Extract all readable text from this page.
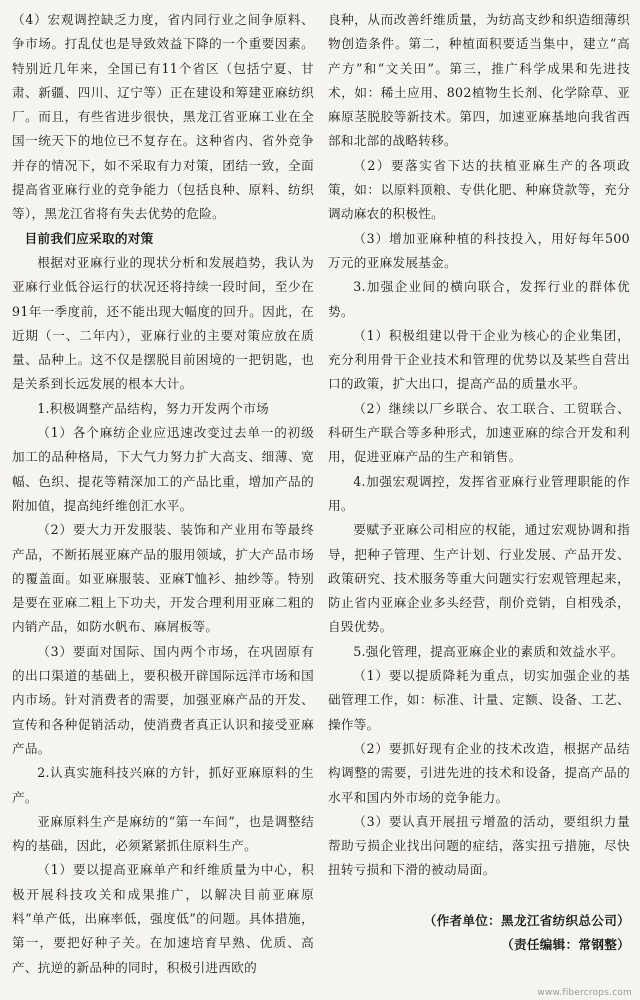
（4）宏观调控缺乏力度，省内同行业之间争原料、争市场。打乱仗也是导致效益下降的一个重要因素。特别近几年来，全国已有11个省区（包括宁夏、甘肃、新疆、四川、辽宁等）正在建设和筹建亚麻纺织厂。而且，有些省进步很快，黑龙江省亚麻工业在全国一统天下的地位已不复存在。这种省内、省外竞争并存的情况下，如不采取有力对策，团结一致，全面提高省亚麻行业的竞争能力（包括良种、原料、纺织等），黑龙江省将有失去优势的危险。

目前我们应采取的对策

根据对亚麻行业的现状分析和发展趋势，我认为亚麻行业低谷运行的状况还将持续一段时间，至少在91年一季度前，还不能出现大幅度的回升。因此，在近期（一、二年内），亚麻行业的主要对策应放在质量、品种上。这不仅是摆脱目前困境的一把钥匙，也是关系到长远发展的根本大计。

1.积极调整产品结构，努力开发两个市场

（1）各个麻纺企业应迅速改变过去单一的初级加工的品种格局，下大气力努力扩大高支、细薄、宽幅、色织、提花等精深加工的产品比重，增加产品的附加值，提高纯纤维创汇水平。

（2）要大力开发服装、装饰和产业用布等最终产品，不断拓展亚麻产品的服用领域，扩大产品市场的覆盖面。如亚麻服装、亚麻T恤衫、抽纱等。特别是要在亚麻二粗上下功夫，开发合理利用亚麻二粗的内销产品，如防水帆布、麻屑板等。

（3）要面对国际、国内两个市场，在巩固原有的出口渠道的基础上，要积极开辟国际远洋市场和国内市场。针对消费者的需要，加强亚麻产品的开发、宣传和各种促销活动，使消费者真正认识和接受亚麻产品。

2.认真实施科技兴麻的方针，抓好亚麻原料的生产。

亚麻原料生产是麻纺的“第一车间”，也是调整结构的基础，因此，必须紧紧抓住原料生产。

（1）要以提高亚麻单产和纤维质量为中心，积极开展科技攻关和成果推广，以解决目前亚麻原料“单产低，出麻率低，强度低”的问题。具体措施，第一，要把好种子关。在加速培育早熟、优质、高产、抗逆的新品种的同时，积极引进西欧的

良种，从而改善纤维质量，为纺高支纱和织造细薄织物创造条件。第二，种植面积要适当集中，建立“高产方”和“文关田”。第三，推广科学成果和先进技术，如：稀土应用、802植物生长剂、化学除草、亚麻原茎脱胶等新技术。第四，加速亚麻基地向我省西部和北部的战略转移。

（2）要落实省下达的扶植亚麻生产的各项政策，如：以原料顶粮、专供化肥、种麻贷款等，充分调动麻农的积极性。

（3）增加亚麻种植的科技投入，用好每年500万元的亚麻发展基金。

3.加强企业间的横向联合，发挥行业的群体优势。

（1）积极组建以骨干企业为核心的企业集团，充分利用骨干企业技术和管理的优势以及某些自营出口的政策，扩大出口，提高产品的质量水平。

（2）继续以厂乡联合、农工联合、工贸联合、科研生产联合等多种形式，加速亚麻的综合开发和利用，促进亚麻产品的生产和销售。

4.加强宏观调控，发挥省亚麻行业管理职能的作用。

要赋予亚麻公司相应的权能，通过宏观协调和指导，把种子管理、生产计划、行业发展、产品开发、政策研究、技术服务等重大问题实行宏观管理起来，防止省内亚麻企业多头经营，削价竞销，自相残杀，自毁优势。

5.强化管理，提高亚麻企业的素质和效益水平。

（1）要以提质降耗为重点，切实加强企业的基础管理工作，如：标准、计量、定额、设备、工艺、操作等。

（2）要抓好现有企业的技术改造，根据产品结构调整的需要，引进先进的技术和设备，提高产品的水平和国内外市场的竞争能力。

（3）要认真开展扭亏增盈的活动，要组织力量帮助亏损企业找出问题的症结，落实扭亏措施，尽快扭转亏损和下滑的被动局面。

（作者单位：黑龙江省纺织总公司）

（责任编辑：常钢整）

www.fibercrops.com
